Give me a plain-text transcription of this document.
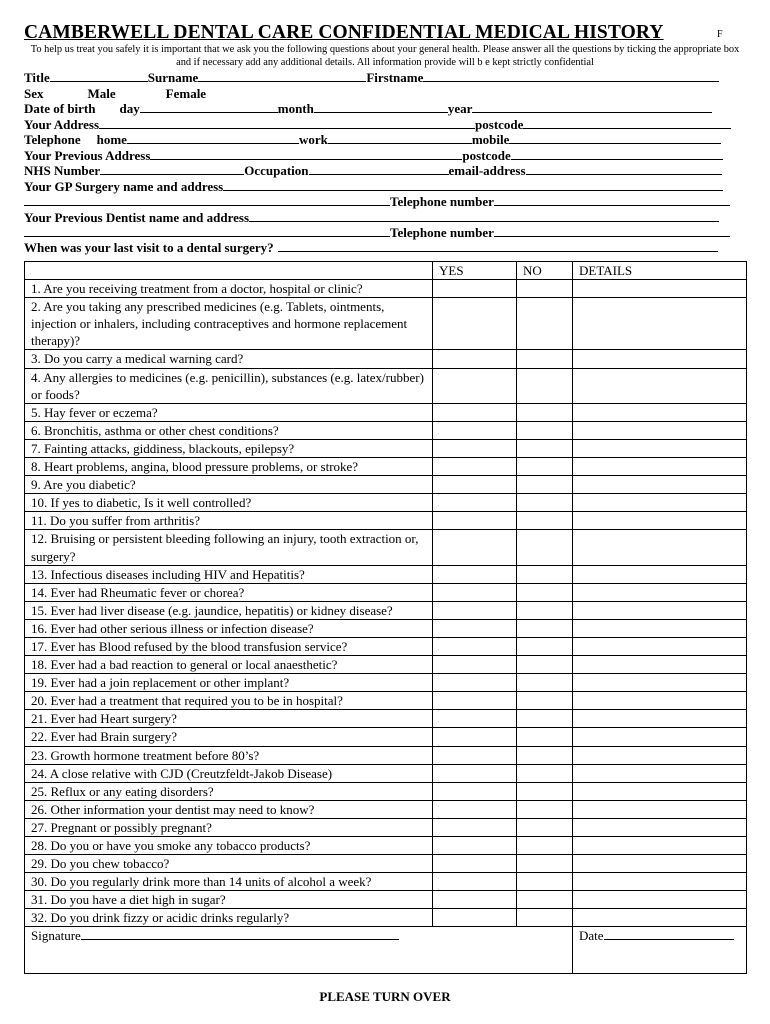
CAMBERWELL DENTAL CARE CONFIDENTIAL MEDICAL HISTORY	F
To help us treat you safely it is important that we ask you the following questions about your general health. Please answer all the questions by ticking the appropriate box and if necessary add any additional details. All information provide will b e kept strictly confidential
Title	Surname	Firstname
Sex	Male	Female
Date of birth day	month	year
Your Address	postcode
Telephone home	work	mobile
Your Previous Address	postcode
NHS Number	Occupation	email-address
Your GP Surgery name and address
Telephone number
Your Previous Dentist name and address
Telephone number
When was your last visit to a dental surgery?
	YES	NO	DETAILS
1. Are you receiving treatment from a doctor, hospital or clinic?			
2. Are you taking any prescribed medicines (e.g. Tablets, ointments, injection or inhalers, including contraceptives and hormone replacement therapy)?			
3. Do you carry a medical warning card?			
4. Any allergies to medicines (e.g. penicillin), substances (e.g. latex/rubber) or foods?			
5. Hay fever or eczema?			
6. Bronchitis, asthma or other chest conditions?			
7. Fainting attacks, giddiness, blackouts, epilepsy?			
8. Heart problems, angina, blood pressure problems, or stroke?			
9. Are you diabetic?			
10. If yes to diabetic, Is it well controlled?			
11. Do you suffer from arthritis?			
12. Bruising or persistent bleeding following an injury, tooth extraction or, surgery?			
13. Infectious diseases including HIV and Hepatitis?			
14. Ever had Rheumatic fever or chorea?			
15. Ever had liver disease (e.g. jaundice, hepatitis) or kidney disease?			
16. Ever had other serious illness or infection disease?			
17. Ever has Blood refused by the blood transfusion service?			
18. Ever had a bad reaction to general or local anaesthetic?			
19. Ever had a join replacement or other implant?			
20. Ever had a treatment that required you to be in hospital?			
21. Ever had Heart surgery?			
22. Ever had Brain surgery?			
23. Growth hormone treatment before 80’s?			
24. A close relative with CJD (Creutzfeldt-Jakob Disease)			
25. Reflux or any eating disorders?			
26. Other information your dentist may need to know?			
27. Pregnant or possibly pregnant?			
28. Do you or have you smoke any tobacco products?			
29. Do you chew tobacco?			
30. Do you regularly drink more than 14 units of alcohol a week?			
31. Do you have a diet high in sugar?			
32. Do you drink fizzy or acidic drinks regularly?			
Signature			Date
PLEASE TURN OVER
